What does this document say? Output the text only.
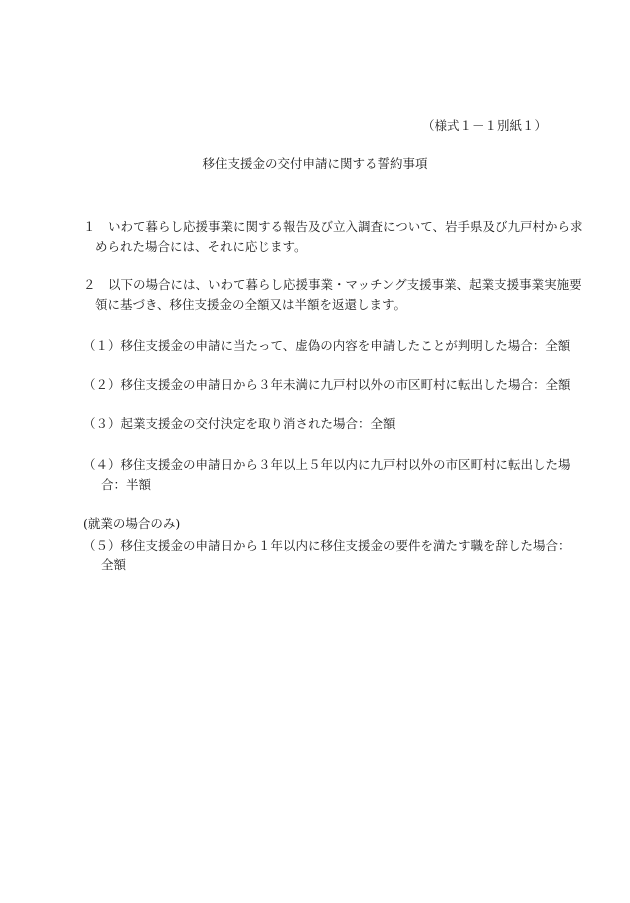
（様式１－１別紙１）
移住支援金の交付申請に関する誓約事項
１　いわて暮らし応援事業に関する報告及び立入調査について、岩手県及び九戸村から求
められた場合には、それに応じます。
２　以下の場合には、いわて暮らし応援事業・マッチング支援事業、起業支援事業実施要
領に基づき、移住支援金の全額又は半額を返還します。
（１）移住支援金の申請に当たって、虚偽の内容を申請したことが判明した場合：全額
（２）移住支援金の申請日から３年未満に九戸村以外の市区町村に転出した場合：全額
（３）起業支援金の交付決定を取り消された場合：全額
（４）移住支援金の申請日から３年以上５年以内に九戸村以外の市区町村に転出した場
合：半額
(就業の場合のみ)
（５）移住支援金の申請日から１年以内に移住支援金の要件を満たす職を辞した場合：
全額
